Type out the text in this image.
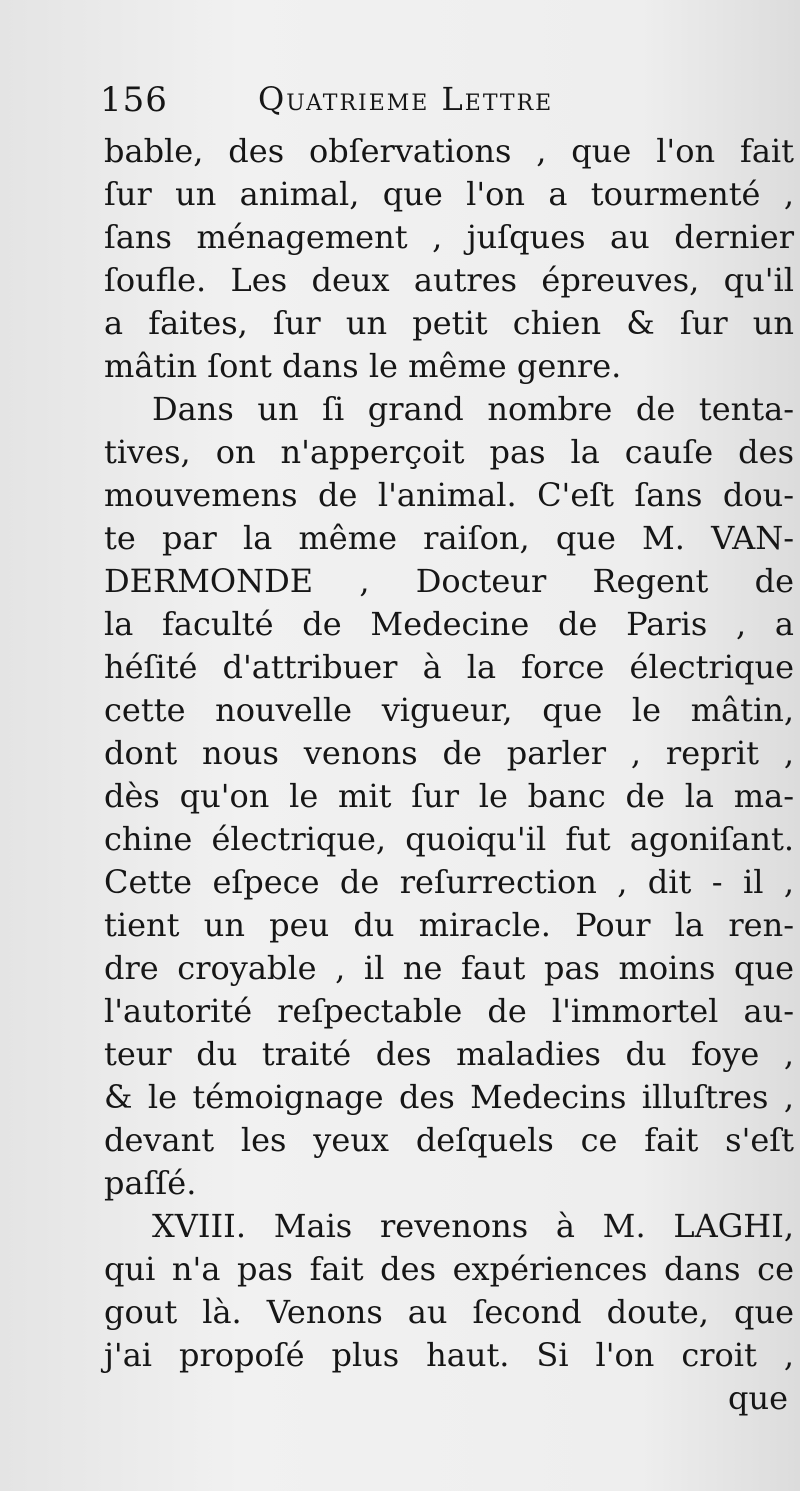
156	Quatrieme Lettre
bable, des obſervations , que l'on fait
ſur un animal, que l'on a tourmenté ,
ſans ménagement , juſques au dernier
ſoufle. Les deux autres épreuves, qu'il
a faites, ſur un petit chien & ſur un
mâtin ſont dans le même genre.
Dans un ſi grand nombre de tenta-
tives, on n'apperçoit pas la cauſe des
mouvemens de l'animal. C'eſt ſans dou-
te par la même raiſon, que M. VAN-
DERMONDE , Docteur Regent de
la faculté de Medecine de Paris , a
héſité d'attribuer à la force électrique
cette nouvelle vigueur, que le mâtin,
dont nous venons de parler , reprit ,
dès qu'on le mit ſur le banc de la ma-
chine électrique, quoiqu'il fut agoniſant.
Cette eſpece de reſurrection , dit - il ,
tient un peu du miracle. Pour la ren-
dre croyable , il ne faut pas moins que
l'autorité reſpectable de l'immortel au-
teur du traité des maladies du foye ,
& le témoignage des Medecins illuſtres ,
devant les yeux deſquels ce fait s'eſt
paſſé.
XVIII. Mais revenons à M. LAGHI,
qui n'a pas fait des expériences dans ce
gout là. Venons au ſecond doute, que
j'ai propoſé plus haut. Si l'on croit ,
que
